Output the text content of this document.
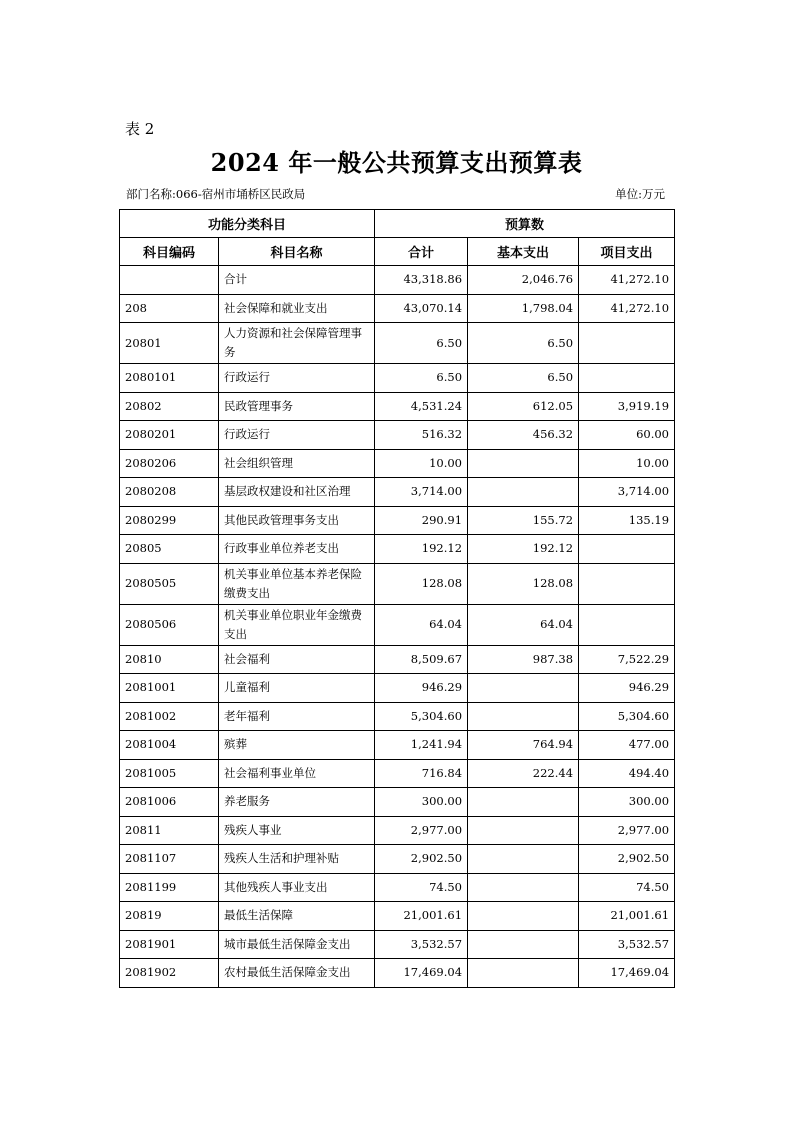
表 2
2024 年一般公共预算支出预算表
部门名称:066-宿州市埇桥区民政局	单位:万元
功能分类科目		预算数		
科目编码	科目名称	合计	基本支出	项目支出
	合计	43,318.86	2,046.76	41,272.10
208	社会保障和就业支出	43,070.14	1,798.04	41,272.10
20801	人力资源和社会保障管理事务	6.50	6.50	
2080101	行政运行	6.50	6.50	
20802	民政管理事务	4,531.24	612.05	3,919.19
2080201	行政运行	516.32	456.32	60.00
2080206	社会组织管理	10.00		10.00
2080208	基层政权建设和社区治理	3,714.00		3,714.00
2080299	其他民政管理事务支出	290.91	155.72	135.19
20805	行政事业单位养老支出	192.12	192.12	
2080505	机关事业单位基本养老保险缴费支出	128.08	128.08	
2080506	机关事业单位职业年金缴费支出	64.04	64.04	
20810	社会福利	8,509.67	987.38	7,522.29
2081001	儿童福利	946.29		946.29
2081002	老年福利	5,304.60		5,304.60
2081004	殡葬	1,241.94	764.94	477.00
2081005	社会福利事业单位	716.84	222.44	494.40
2081006	养老服务	300.00		300.00
20811	残疾人事业	2,977.00		2,977.00
2081107	残疾人生活和护理补贴	2,902.50		2,902.50
2081199	其他残疾人事业支出	74.50		74.50
20819	最低生活保障	21,001.61		21,001.61
2081901	城市最低生活保障金支出	3,532.57		3,532.57
2081902	农村最低生活保障金支出	17,469.04		17,469.04
